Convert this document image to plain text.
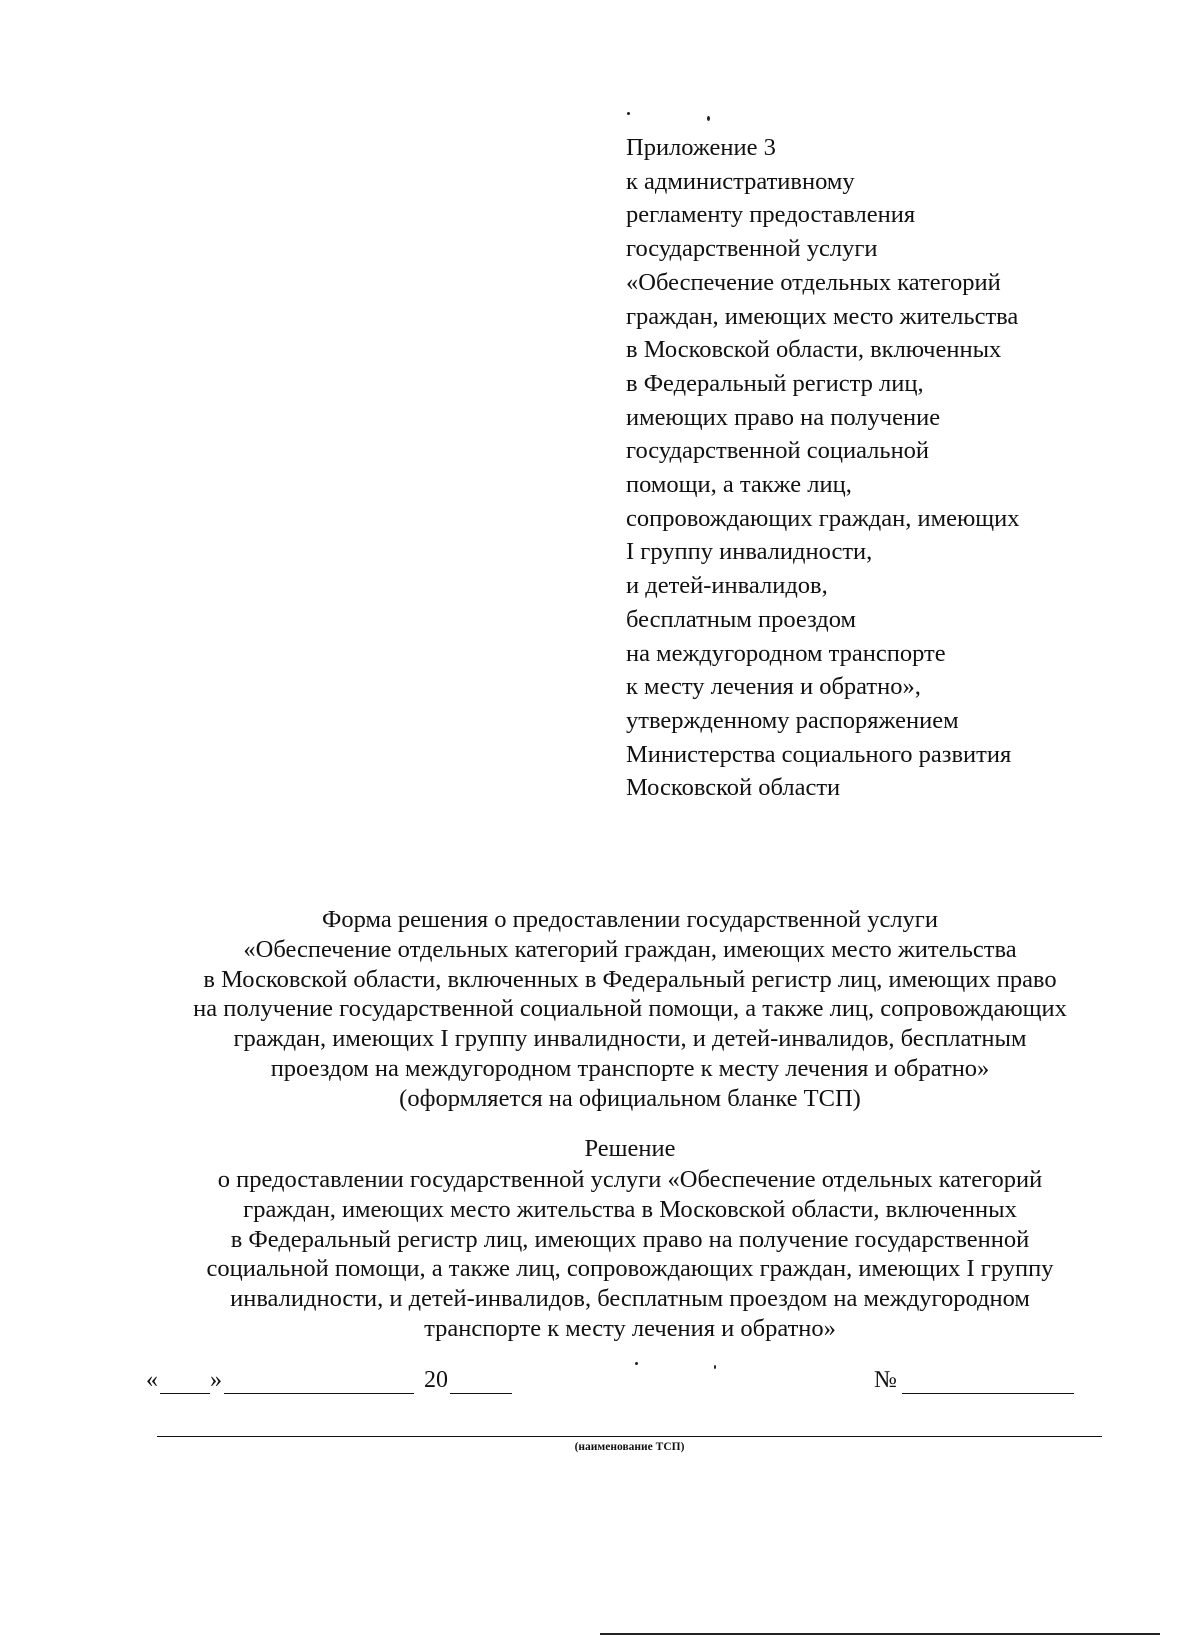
Приложение 3
к административному
регламенту предоставления
государственной услуги
«Обеспечение отдельных категорий
граждан, имеющих место жительства
в Московской области, включенных
в Федеральный регистр лиц,
имеющих право на получение
государственной социальной
помощи, а также лиц,
сопровождающих граждан, имеющих
I группу инвалидности,
и детей-инвалидов,
бесплатным проездом
на междугородном транспорте
к месту лечения и обратно»,
утвержденному распоряжением
Министерства социального развития
Московской области
Форма решения о предоставлении государственной услуги
«Обеспечение отдельных категорий граждан, имеющих место жительства
в Московской области, включенных в Федеральный регистр лиц, имеющих право
на получение государственной социальной помощи, а также лиц, сопровождающих
граждан, имеющих I группу инвалидности, и детей-инвалидов, бесплатным
проездом на междугородном транспорте к месту лечения и обратно»
(оформляется на официальном бланке ТСП)

Решение

о предоставлении государственной услуги «Обеспечение отдельных категорий
граждан, имеющих место жительства в Московской области, включенных
в Федеральный регистр лиц, имеющих право на получение государственной
социальной помощи, а также лиц, сопровождающих граждан, имеющих I группу
инвалидности, и детей-инвалидов, бесплатным проездом на междугородном
транспорте к месту лечения и обратно»
« »	20	№
(наименование ТСП)
